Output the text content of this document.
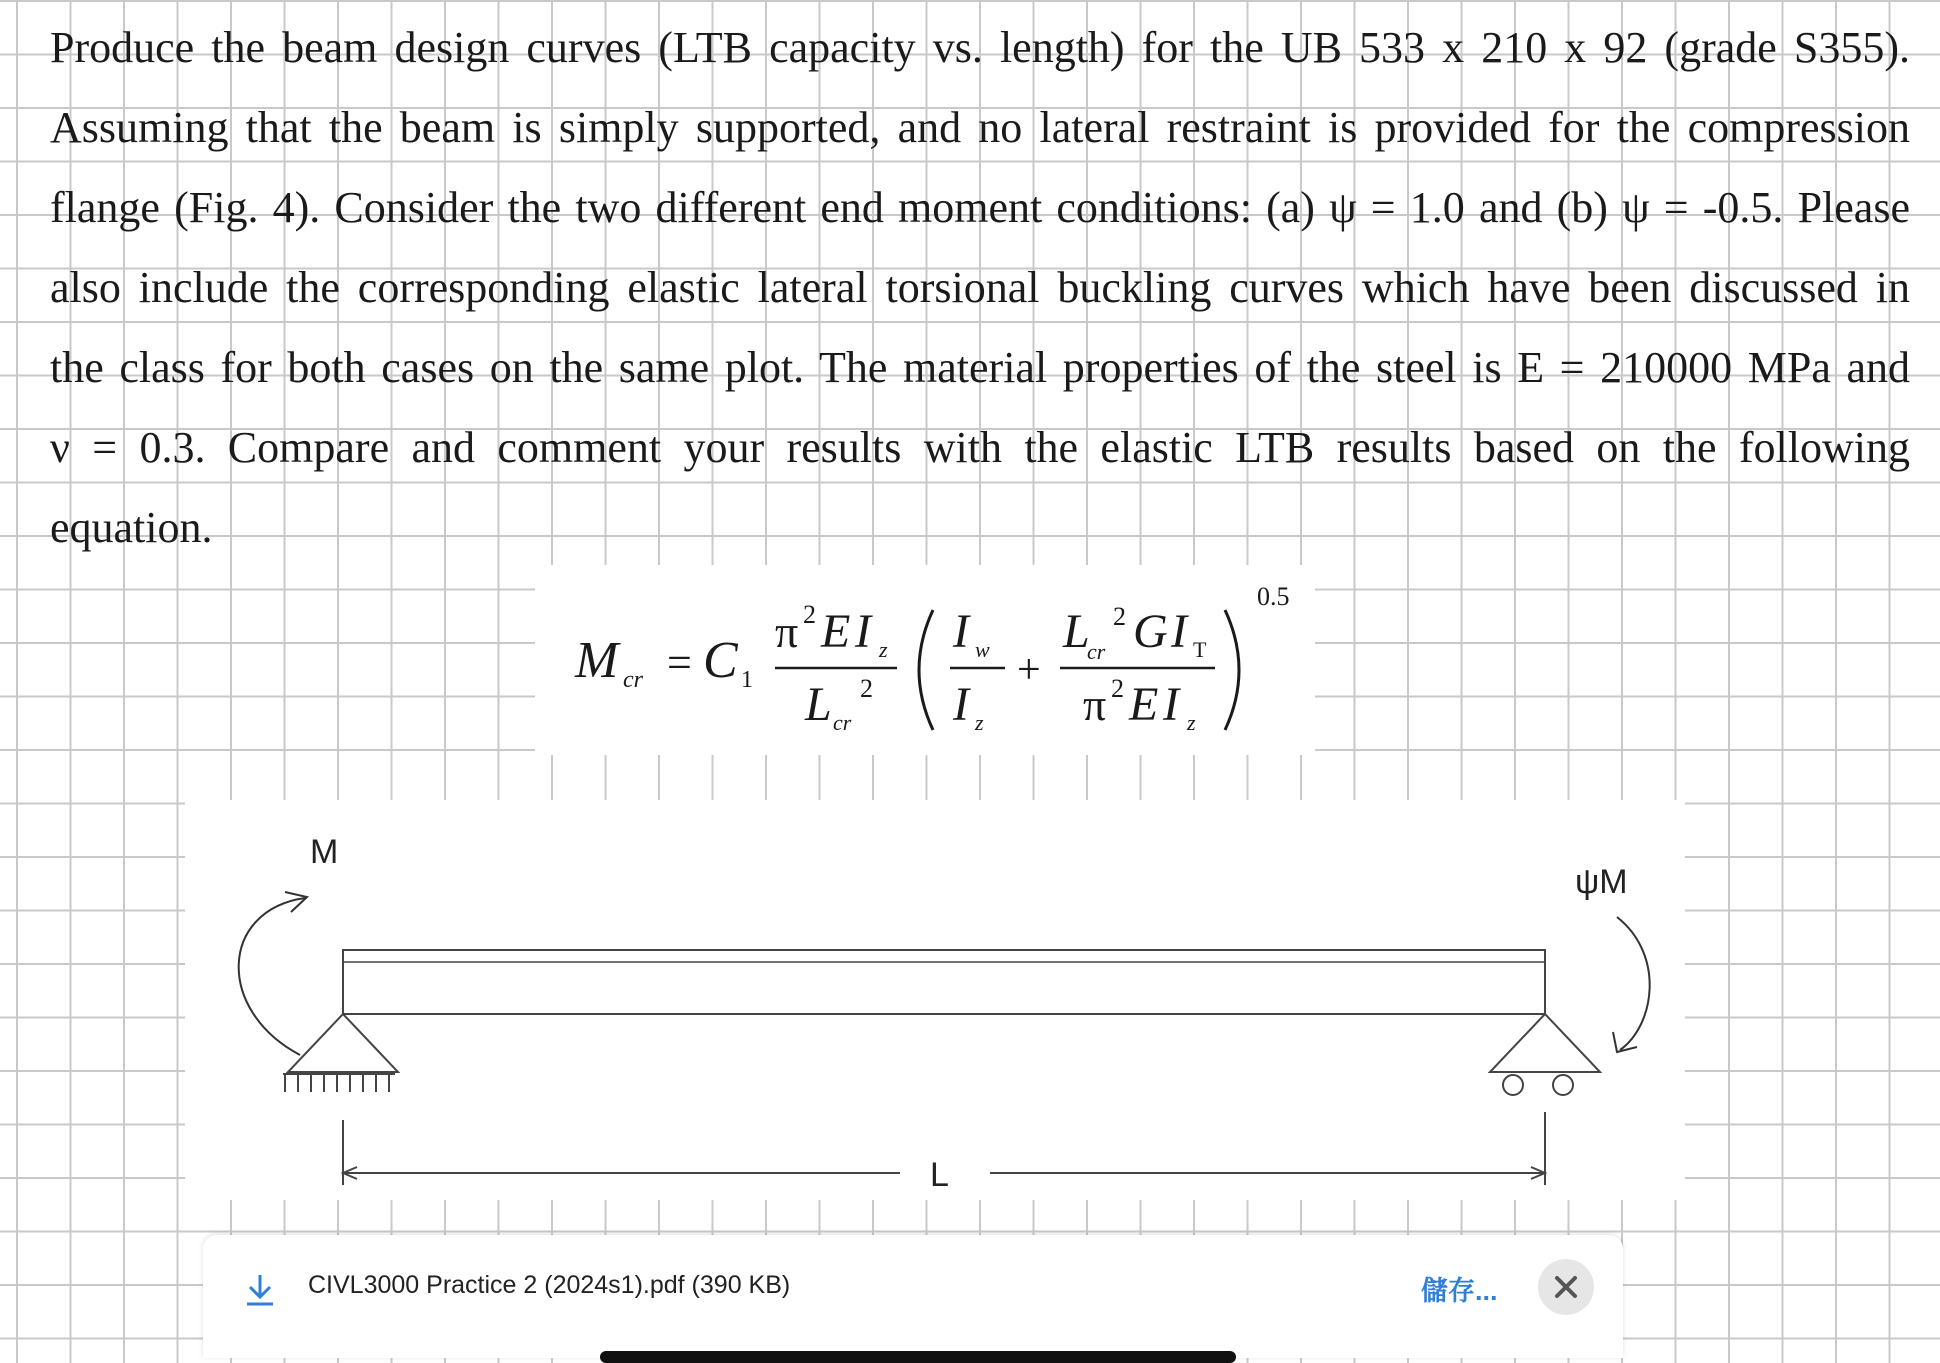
Produce the beam design curves (LTB capacity vs. length) for the UB 533 x 210 x 92 (grade S355).
Assuming that the beam is simply supported, and no lateral restraint is provided for the compression
flange (Fig. 4). Consider the two different end moment conditions: (a) ψ = 1.0 and (b) ψ = -0.5. Please
also include the corresponding elastic lateral torsional buckling curves which have been discussed in
the class for both cases on the same plot. The material properties of the steel is E = 210000 MPa and
ν = 0.3. Compare and comment your results with the elastic LTB results based on the following
equation.
M cr = C 1
π 2 E I z
L cr
2
I w
I z
+
L
cr
2 G I T
π 2 E I z
0.5
M
ψM
L
CIVL3000 Practice 2 (2024s1).pdf (390 KB)	儲存...
